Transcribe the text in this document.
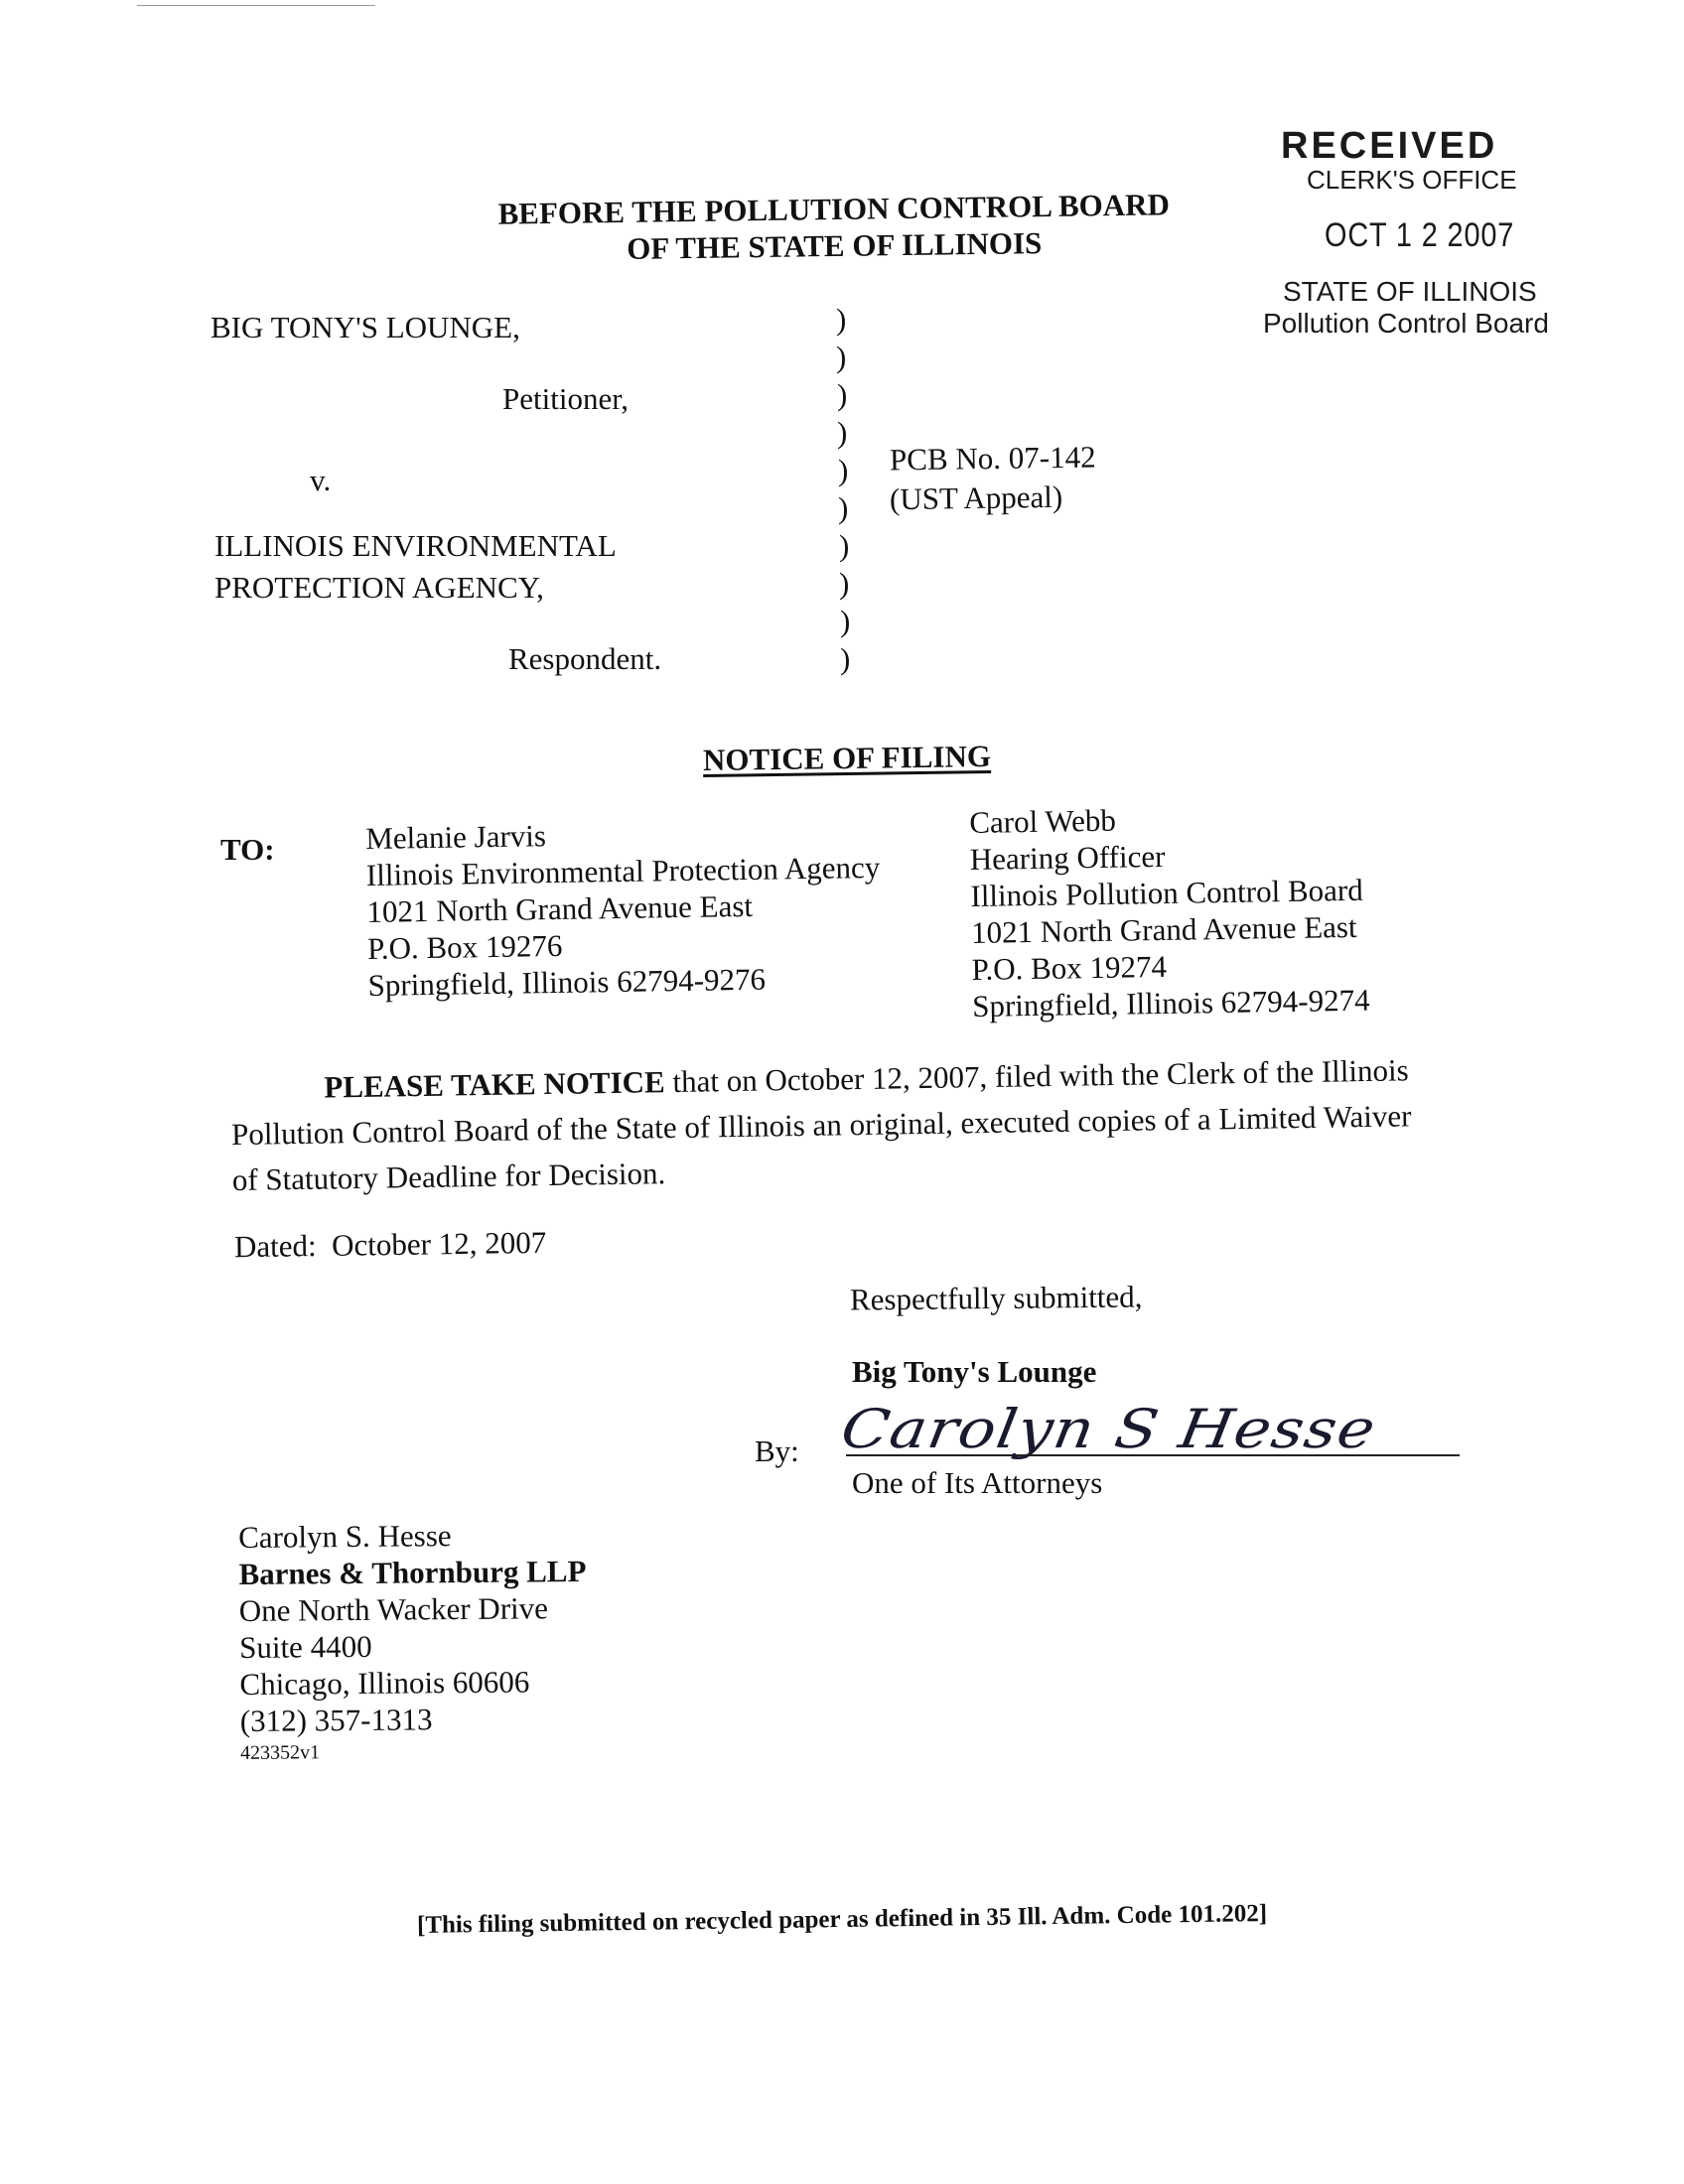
RECEIVED
CLERK'S OFFICE
OCT 1 2 2007
STATE OF ILLINOIS
Pollution Control Board
BEFORE THE POLLUTION CONTROL BOARD
OF THE STATE OF ILLINOIS
BIG TONY'S LOUNGE,
Petitioner,
v.
ILLINOIS ENVIRONMENTAL
PROTECTION AGENCY,
Respondent.
)
)
)
)
)
)
)
)
)
)
PCB No. 07-142
(UST Appeal)
NOTICE OF FILING
TO:	Melanie Jarvis
Illinois Environmental Protection Agency
1021 North Grand Avenue East
P.O. Box 19276
Springfield, Illinois 62794-9276
Carol Webb
Hearing Officer
Illinois Pollution Control Board
1021 North Grand Avenue East
P.O. Box 19274
Springfield, Illinois 62794-9274
PLEASE TAKE NOTICE that on October 12, 2007, filed with the Clerk of the Illinois
Pollution Control Board of the State of Illinois an original, executed copies of a Limited Waiver
of Statutory Deadline for Decision.
Dated:  October 12, 2007
Respectfully submitted,
Big Tony's Lounge
By: Carolyn S Hesse
One of Its Attorneys
Carolyn S. Hesse
Barnes & Thornburg LLP
One North Wacker Drive
Suite 4400
Chicago, Illinois 60606
(312) 357-1313
423352v1
[This filing submitted on recycled paper as defined in 35 Ill. Adm. Code 101.202]
